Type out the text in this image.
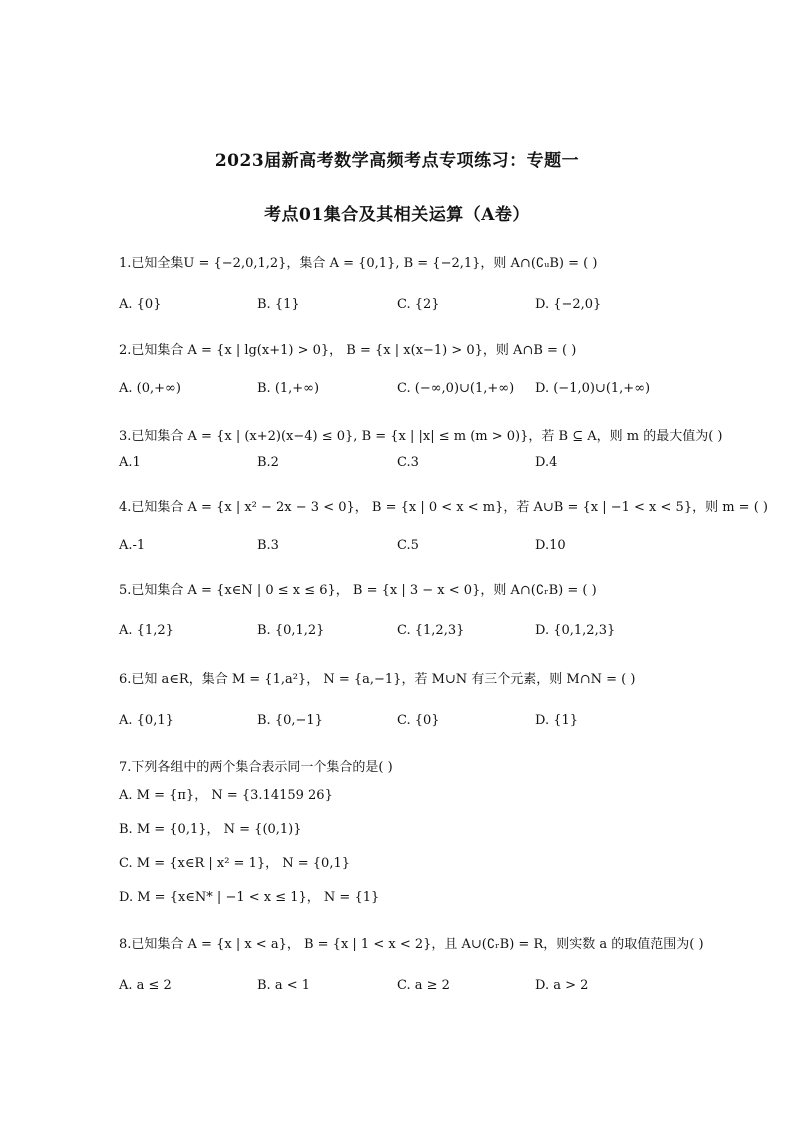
2023届新高考数学高频考点专项练习：专题一
考点01集合及其相关运算（A卷）
1.已知全集U = {−2,0,1,2}，集合 A = {0,1}, B = {−2,1}，则 A∩(∁ᵤB) = ( )
A. {0}	B. {1}	C. {2}	D. {−2,0}
2.已知集合 A = {x | lg(x+1) > 0}， B = {x | x(x−1) > 0}，则 A∩B = ( )
A. (0,+∞)	B. (1,+∞)	C. (−∞,0)∪(1,+∞) D. (−1,0)∪(1,+∞)
3.已知集合 A = {x | (x+2)(x−4) ≤ 0}, B = {x | |x| ≤ m (m > 0)}，若 B ⊆ A，则 m 的最大值为( )
A.1	B.2	C.3	D.4
4.已知集合 A = {x | x² − 2x − 3 < 0}， B = {x | 0 < x < m}，若 A∪B = {x | −1 < x < 5}，则 m = ( )
A.-1	B.3	C.5	D.10
5.已知集合 A = {x∈N | 0 ≤ x ≤ 6}， B = {x | 3 − x < 0}，则 A∩(∁ᵣB) = ( )
A. {1,2}	B. {0,1,2}	C. {1,2,3}	D. {0,1,2,3}
6.已知 a∈R，集合 M = {1,a²}， N = {a,−1}，若 M∪N 有三个元素，则 M∩N = ( )
A. {0,1}	B. {0,−1}	C. {0}	D. {1}
7.下列各组中的两个集合表示同一个集合的是( )
A. M = {π}， N = {3.14159 26}
B. M = {0,1}， N = {(0,1)}
C. M = {x∈R | x² = 1}， N = {0,1}
D. M = {x∈N* | −1 < x ≤ 1}， N = {1}
8.已知集合 A = {x | x < a}， B = {x | 1 < x < 2}，且 A∪(∁ᵣB) = R，则实数 a 的取值范围为( )
A. a ≤ 2	B. a < 1	C. a ≥ 2	D. a > 2
